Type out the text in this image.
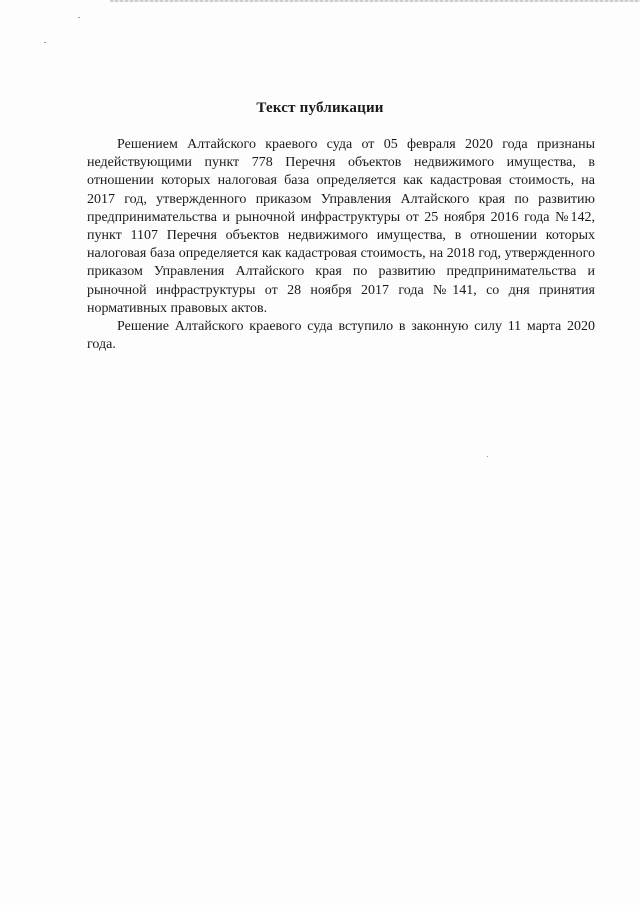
Текст публикации

Решением Алтайского краевого суда от 05 февраля 2020 года признаны недействующими пункт 778 Перечня объектов недвижимого имущества, в отношении которых налоговая база определяется как кадастровая стоимость, на 2017 год, утвержденного приказом Управления Алтайского края по развитию предпринимательства и рыночной инфраструктуры от 25 ноября 2016 года №142, пункт 1107 Перечня объектов недвижимого имущества, в отношении которых налоговая база определяется как кадастровая стоимость, на 2018 год, утвержденного приказом Управления Алтайского края по развитию предпринимательства и рыночной инфраструктуры от 28 ноября 2017 года №141, со дня принятия нормативных правовых актов.

Решение Алтайского краевого суда вступило в законную силу 11 марта 2020 года.
